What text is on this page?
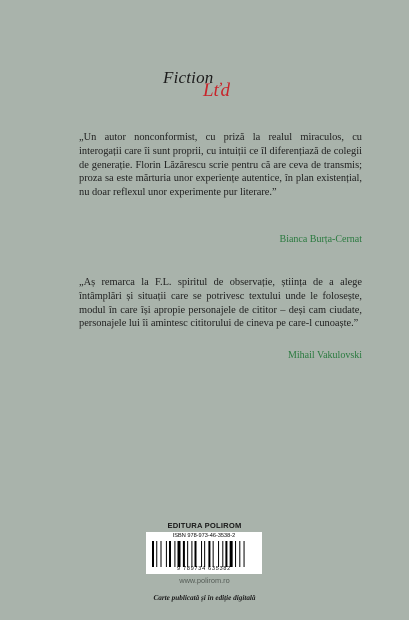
Fiction
Lťd

„Un autor nonconformist, cu priză la realul miraculos, cu interogații care îi sunt proprii, cu intuiții ce îl diferențiază de colegii de generație. Florin Lăzărescu scrie pentru că are ceva de transmis; proza sa este mărturia unor experiențe autentice, în plan existențial, nu doar reflexul unor experimente pur literare.”

Bianca Burța-Cernat

„Aș remarca la F.L. spiritul de observație, știința de a alege întâmplări și situații care se potrivesc textului unde le folosește, modul în care își apropie personajele de cititor – deși cam ciudate, personajele lui îi amintesc cititorului de cineva pe care-l cunoaște.”

Mihail Vakulovski
EDITURA POLIROM
ISBN 978-973-46-3538-2
9 789734 635382
www.polirom.ro
Carte publicată și în ediție digitală
